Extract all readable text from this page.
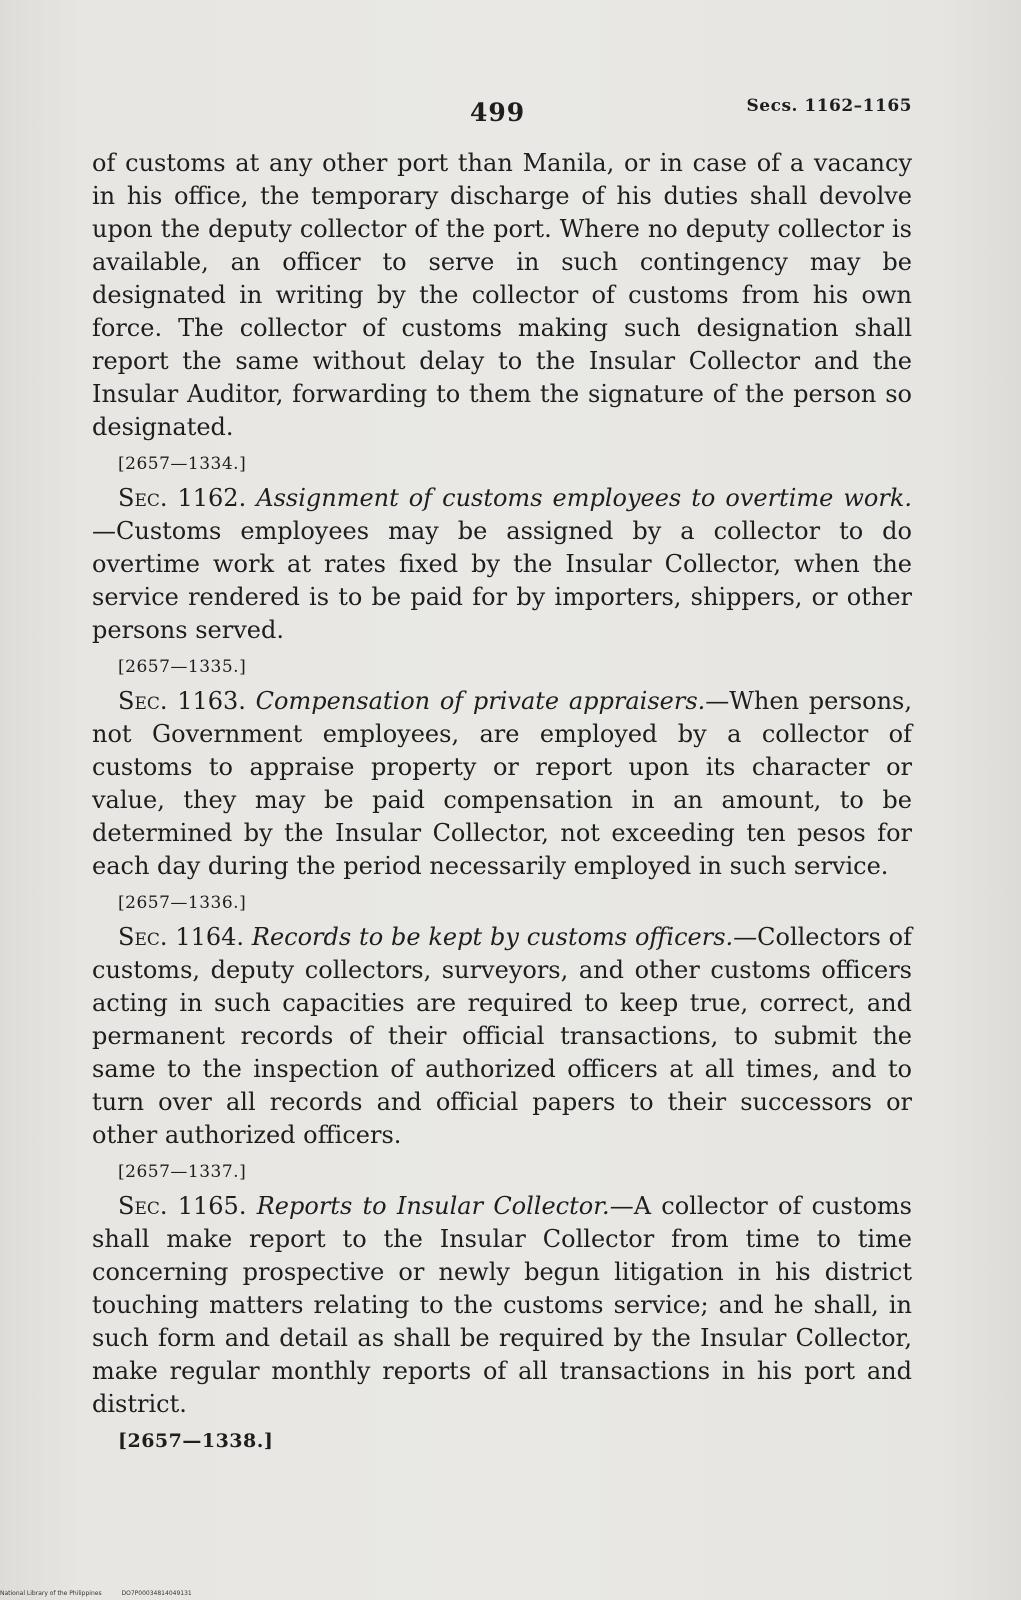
499	Secs. 1162–1165

of customs at any other port than Manila, or in case of a vacancy in his office, the temporary discharge of his duties shall devolve upon the deputy collector of the port. Where no deputy collector is available, an officer to serve in such contingency may be designated in writing by the collector of customs from his own force. The collector of customs making such designation shall report the same without delay to the Insular Collector and the Insular Auditor, forwarding to them the signature of the person so designated.

[2657—1334.]

Sec. 1162. Assignment of customs employees to overtime work.—Customs employees may be assigned by a collector to do overtime work at rates fixed by the Insular Collector, when the service rendered is to be paid for by importers, shippers, or other persons served.

[2657—1335.]

Sec. 1163. Compensation of private appraisers.—When persons, not Government employees, are employed by a collector of customs to appraise property or report upon its character or value, they may be paid compensation in an amount, to be determined by the Insular Collector, not exceeding ten pesos for each day during the period necessarily employed in such service.

[2657—1336.]

Sec. 1164. Records to be kept by customs officers.—Collectors of customs, deputy collectors, surveyors, and other customs officers acting in such capacities are required to keep true, correct, and permanent records of their official transactions, to submit the same to the inspection of authorized officers at all times, and to turn over all records and official papers to their successors or other authorized officers.

[2657—1337.]

Sec. 1165. Reports to Insular Collector.—A collector of customs shall make report to the Insular Collector from time to time concerning prospective or newly begun litigation in his district touching matters relating to the customs service; and he shall, in such form and detail as shall be required by the Insular Collector, make regular monthly reports of all transactions in his port and district.

[2657—1338.]
National Library of the Philippines	DO7P00034814049131
